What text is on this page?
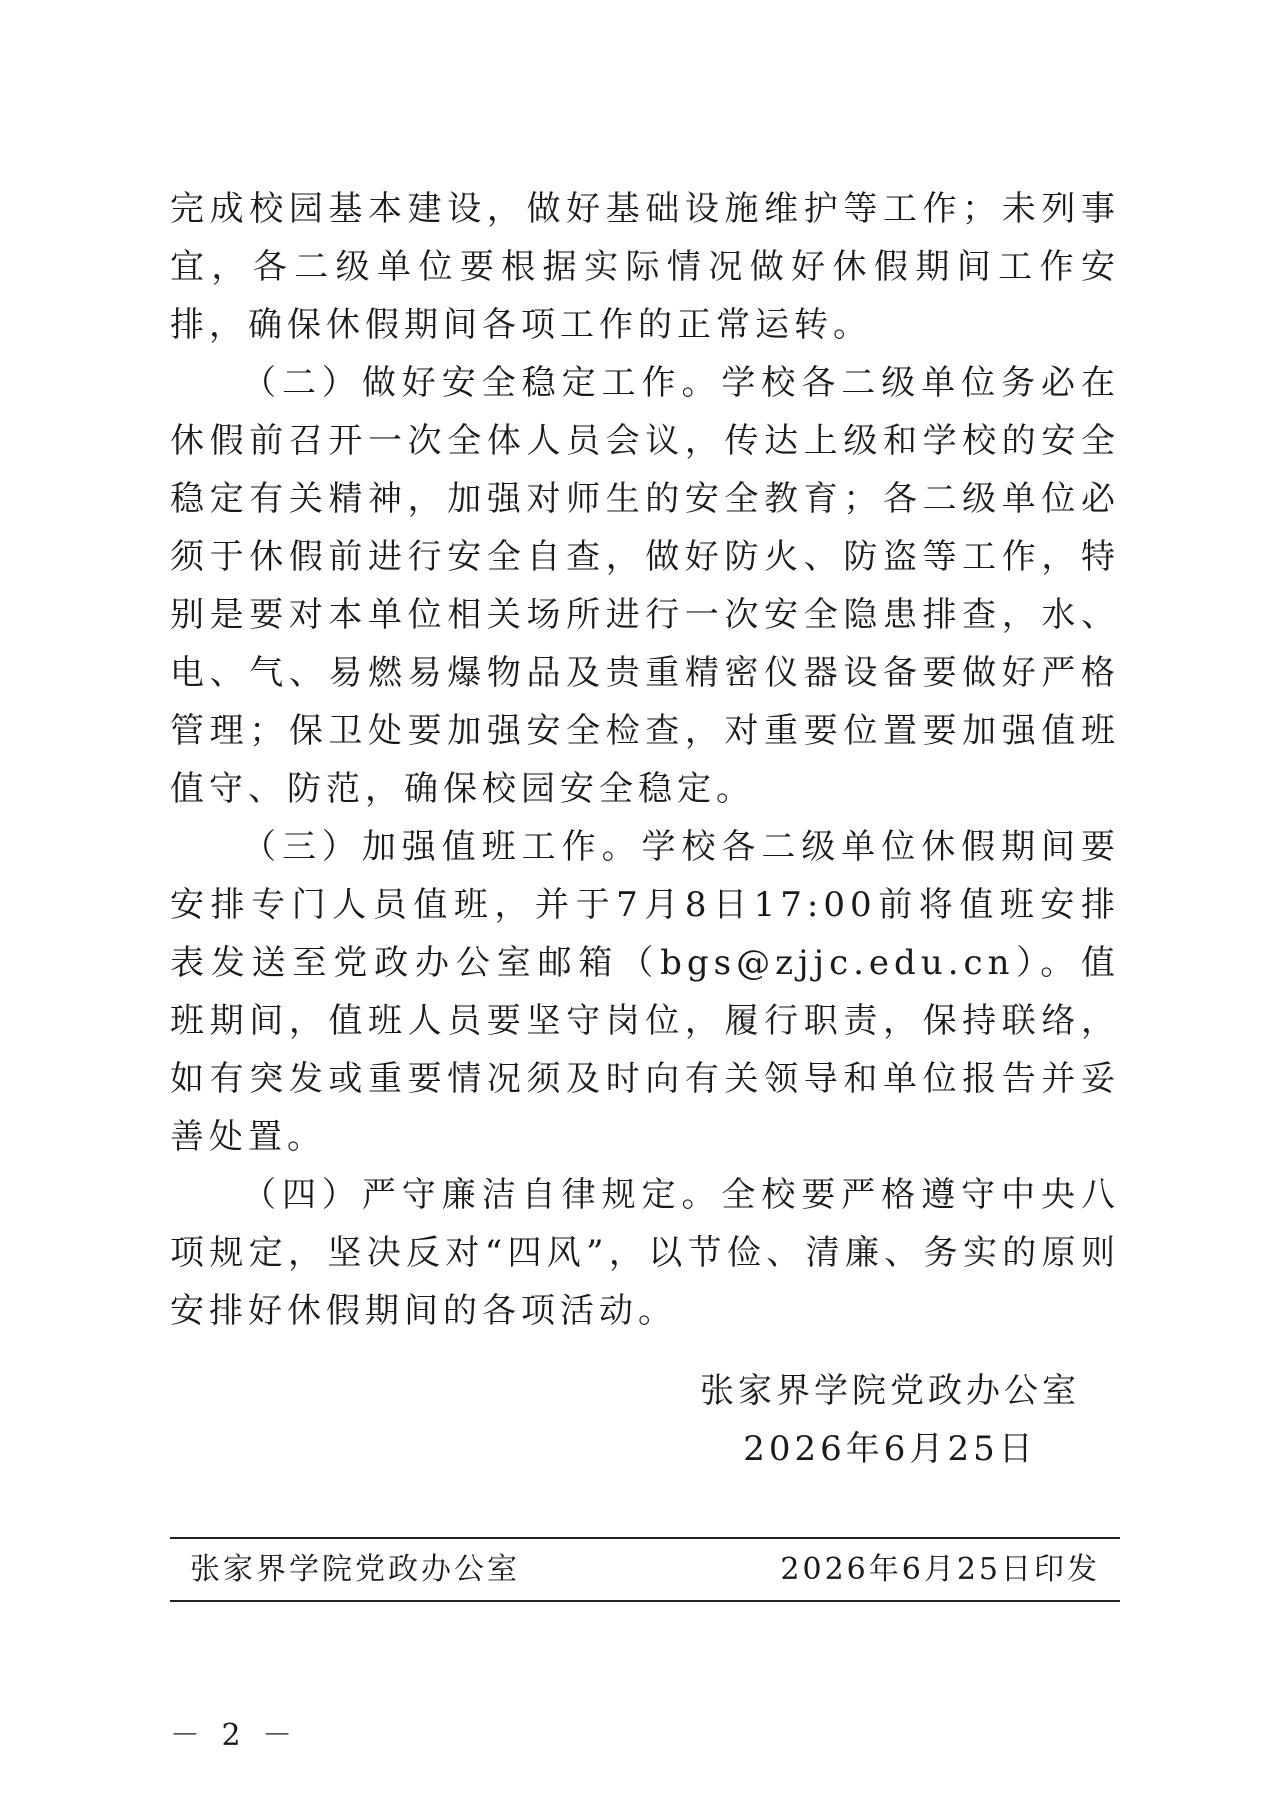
完成校园基本建设，做好基础设施维护等工作；未列事宜，各二级单位要根据实际情况做好休假期间工作安排，确保休假期间各项工作的正常运转。

（二）做好安全稳定工作。学校各二级单位务必在休假前召开一次全体人员会议，传达上级和学校的安全稳定有关精神，加强对师生的安全教育；各二级单位必须于休假前进行安全自查，做好防火、防盗等工作，特别是要对本单位相关场所进行一次安全隐患排查，水、电、气、易燃易爆物品及贵重精密仪器设备要做好严格管理；保卫处要加强安全检查，对重要位置要加强值班值守、防范，确保校园安全稳定。

（三）加强值班工作。学校各二级单位休假期间要安排专门人员值班，并于7月8日17:00前将值班安排表发送至党政办公室邮箱（bgs@zjjc.edu.cn）。值班期间，值班人员要坚守岗位，履行职责，保持联络，如有突发或重要情况须及时向有关领导和单位报告并妥善处置。

（四）严守廉洁自律规定。全校要严格遵守中央八项规定，坚决反对“四风”，以节俭、清廉、务实的原则安排好休假期间的各项活动。

张家界学院党政办公室
2026年6月25日
张家界学院党政办公室	2026年6月25日印发
－ 2 －
